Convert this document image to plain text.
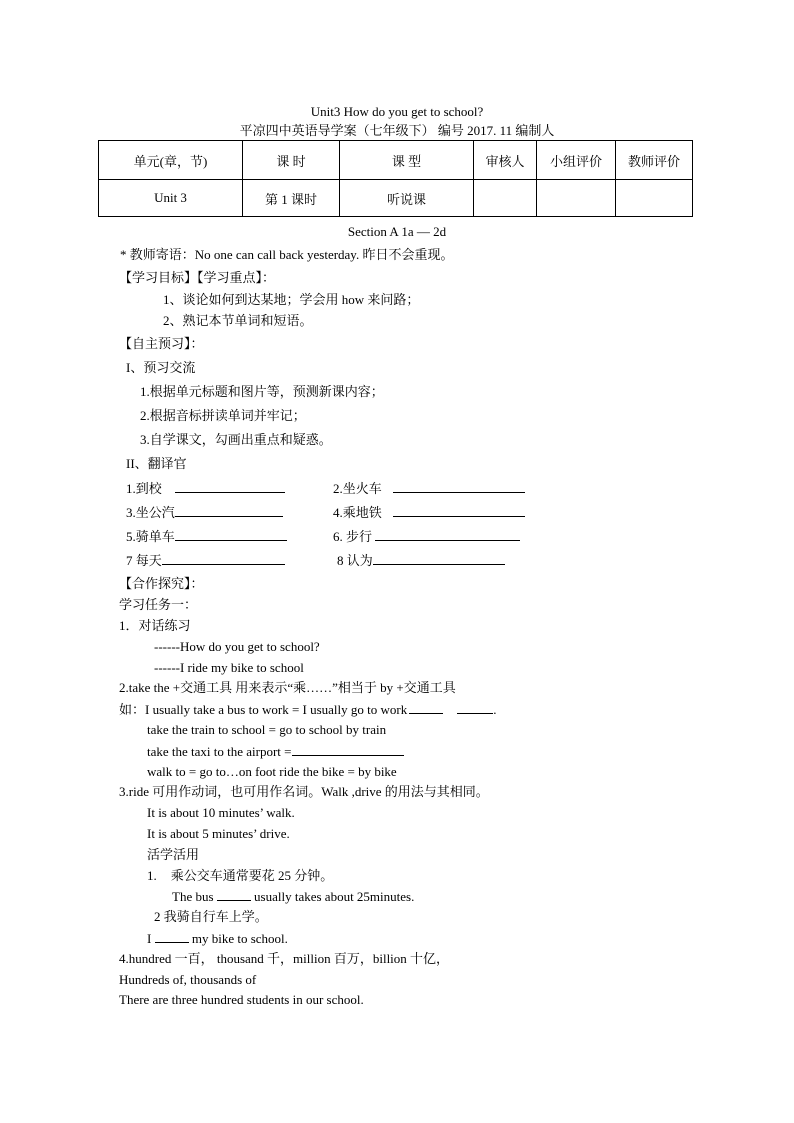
Unit3 How do you get to school?
平凉四中英语导学案（七年级下） 编号 2017. 11 编制人
单元(章，节)	课 时	课 型	审核人	小组评价	教师评价
Unit 3	第 1 课时	听说课			
Section A 1a — 2d
* 教师寄语：No one can call back yesterday. 昨日不会重现。
【学习目标】【学习重点】：
1、谈论如何到达某地；学会用 how 来问路；
2、熟记本节单词和短语。
【自主预习】：
I、预习交流
1.根据单元标题和图片等，预测新课内容；
2.根据音标拼读单词并牢记；
3.自学课文，勾画出重点和疑惑。
II、翻译官
1.到校	2.坐火车
3.坐公汽	4.乘地铁
5.骑单车	6. 步行
7 每天	8 认为
【合作探究】：
学习任务一：
1．对话练习
------How do you get to school?
------I ride my bike to school
2.take the +交通工具 用来表示“乘……”相当于 by +交通工具
如：I usually take a bus to work = I usually go to work	.
take the train to school = go to school by train
take the taxi to the airport =
walk to = go to…on foot ride the bike = by bike
3.ride 可用作动词，也可用作名词。Walk ,drive 的用法与其相同。
It is about 10 minutes’ walk.
It is about 5 minutes’ drive.
活学活用
1. 乘公交车通常要花 25 分钟。
The bus	usually takes about 25minutes.
2 我骑自行车上学。
I	my bike to school.
4.hundred 一百， thousand 千，million 百万，billion 十亿，
Hundreds of, thousands of
There are three hundred students in our school.
